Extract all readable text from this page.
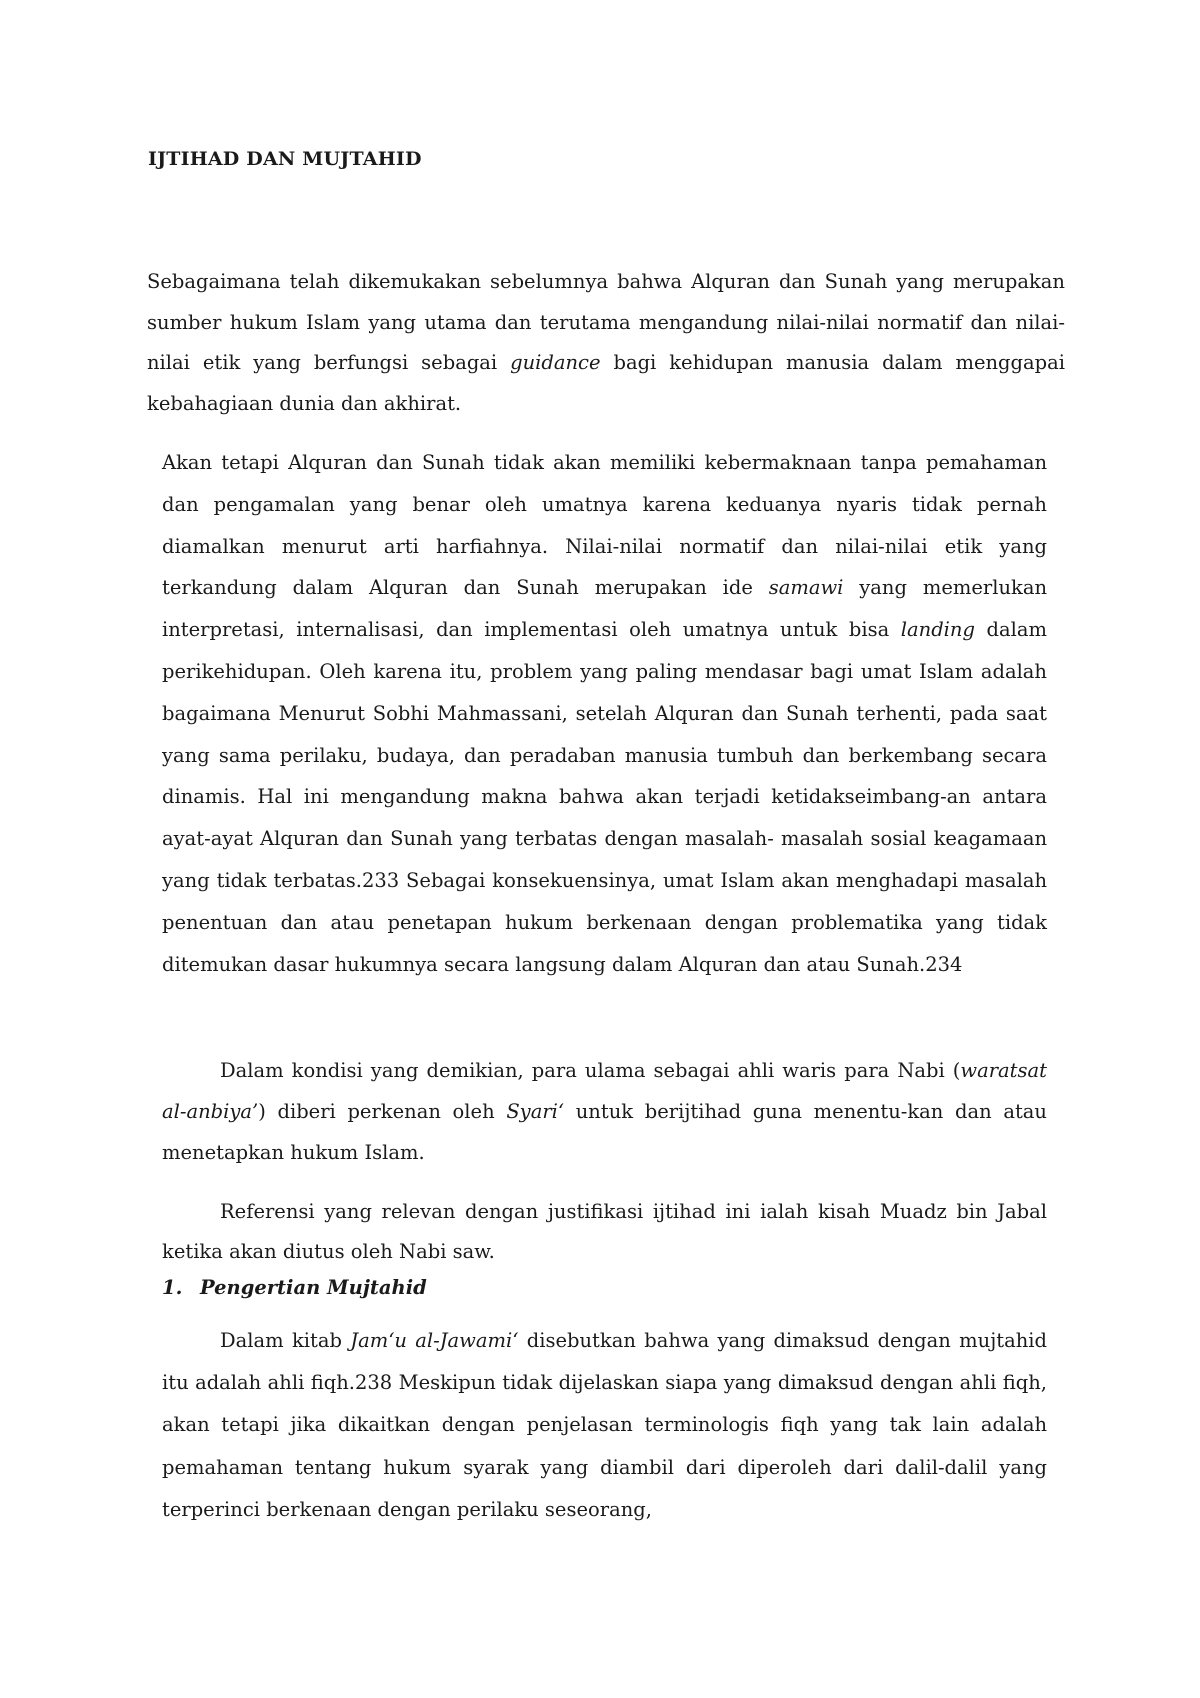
IJTIHAD DAN MUJTAHID

Sebagaimana telah dikemukakan sebelumnya bahwa Alquran dan Sunah yang merupakan sumber hukum Islam yang utama dan terutama mengandung nilai-nilai normatif dan nilai-nilai etik yang berfungsi sebagai guidance bagi kehidupan manusia dalam menggapai kebahagiaan dunia dan akhirat.

Akan tetapi Alquran dan Sunah tidak akan memiliki kebermaknaan tanpa pemahaman dan pengamalan yang benar oleh umatnya karena keduanya nyaris tidak pernah diamalkan menurut arti harfiahnya. Nilai-nilai normatif dan nilai-nilai etik yang terkandung dalam Alquran dan Sunah merupakan ide samawi yang memerlukan interpretasi, internalisasi, dan implementasi oleh umatnya untuk bisa landing dalam perikehidupan. Oleh karena itu, problem yang paling mendasar bagi umat Islam adalah bagaimana Menurut Sobhi Mahmassani, setelah Alquran dan Sunah terhenti, pada saat yang sama perilaku, budaya, dan peradaban manusia tumbuh dan berkembang secara dinamis. Hal ini mengandung makna bahwa akan terjadi ketidakseimbang-an antara ayat-ayat Alquran dan Sunah yang terbatas dengan masalah- masalah sosial keagamaan yang tidak terbatas.233 Sebagai konsekuensinya, umat Islam akan menghadapi masalah penentuan dan atau penetapan hukum berkenaan dengan problematika yang tidak ditemukan dasar hukumnya secara langsung dalam Alquran dan atau Sunah.234

Dalam kondisi yang demikian, para ulama sebagai ahli waris para Nabi (waratsat al-anbiya’) diberi perkenan oleh Syari‘ untuk berijtihad guna menentu-kan dan atau menetapkan hukum Islam.

Referensi yang relevan dengan justifikasi ijtihad ini ialah kisah Muadz bin Jabal ketika akan diutus oleh Nabi saw.

1. Pengertian Mujtahid

Dalam kitab Jam‘u al-Jawami‘ disebutkan bahwa yang dimaksud dengan mujtahid itu adalah ahli fiqh.238 Meskipun tidak dijelaskan siapa yang dimaksud dengan ahli fiqh, akan tetapi jika dikaitkan dengan penjelasan terminologis fiqh yang tak lain adalah pemahaman tentang hukum syarak yang diambil dari diperoleh dari dalil-dalil yang terperinci berkenaan dengan perilaku seseorang,
